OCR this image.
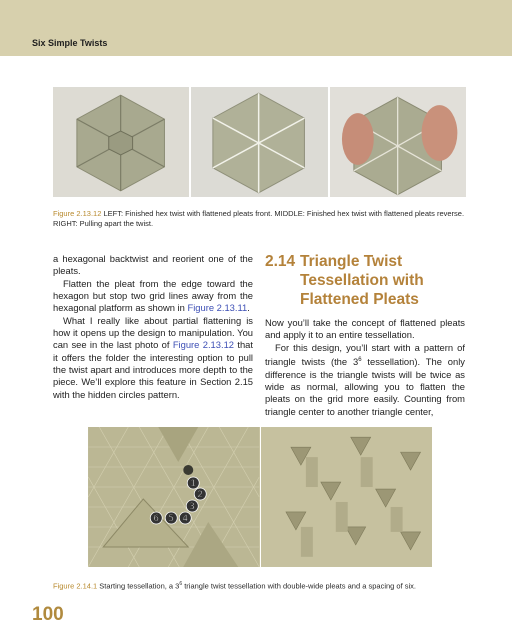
Six Simple Twists
Figure 2.13.12 LEFT: Finished hex twist with flattened pleats front. MIDDLE: Finished hex twist with flattened pleats reverse. RIGHT: Pulling apart the twist.

a hexagonal backtwist and reorient one of the pleats.

Flatten the pleat from the edge toward the hexagon but stop two grid lines away from the hexagonal platform as shown in Figure 2.13.11.

What I really like about partial flattening is how it opens up the design to manipulation. You can see in the last photo of Figure 2.13.12 that it offers the folder the interesting option to pull the twist apart and introduces more depth to the piece. We’ll explore this feature in Section 2.15 with the hidden circles pattern.

2.14 Triangle Twist Tessellation with Flattened Pleats

Now you’ll take the concept of flattened pleats and apply it to an entire tessellation.

For this design, you’ll start with a pattern of triangle twists (the $3^6$ tessellation). The only difference is the triangle twists will be twice as wide as normal, allowing you to flatten the pleats on the grid more easily. Counting from triangle center to another triangle center,

1
2
3
4
5
6
Figure 2.14.1 Starting tessellation, a $3^6$ triangle twist tessellation with double-wide pleats and a spacing of six.
100
